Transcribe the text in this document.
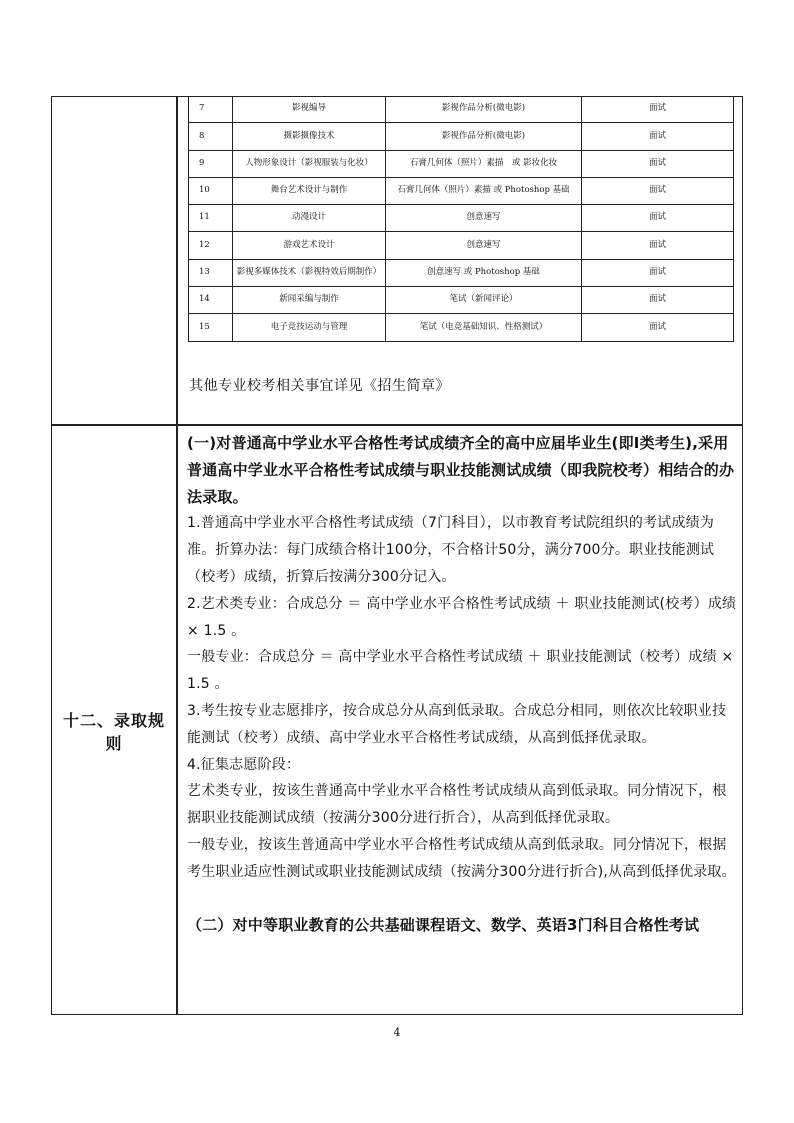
7	影视编导	影视作品分析(微电影)	面试
8	摄影摄像技术	影视作品分析(微电影)	面试
9	人物形象设计（影视服装与化妆）	石膏几何体（照片）素描　或 影妆化妆	面试
10	舞台艺术设计与制作	石膏几何体（照片）素描 或 Photoshop 基础	面试
11	动漫设计	创意速写	面试
12	游戏艺术设计	创意速写	面试
13	影视多媒体技术（影视特效后期制作）	创意速写 或 Photoshop 基础	面试
14	新闻采编与制作	笔试（新闻评论）	面试
15	电子竞技运动与管理	笔试（电竞基础知识、性格测试）	面试
其他专业校考相关事宜详见《招生简章》
十二、录取规则

(一)对普通高中学业水平合格性考试成绩齐全的高中应届毕业生(即Ⅰ类考生),采用普通高中学业水平合格性考试成绩与职业技能测试成绩（即我院校考）相结合的办法录取。

1.普通高中学业水平合格性考试成绩（7门科目），以市教育考试院组织的考试成绩为准。折算办法：每门成绩合格计100分，不合格计50分，满分700分。职业技能测试（校考）成绩，折算后按满分300分记入。

2.艺术类专业：合成总分 ＝ 高中学业水平合格性考试成绩 ＋ 职业技能测试(校考）成绩 × 1.5 。

一般专业：合成总分 ＝ 高中学业水平合格性考试成绩 ＋ 职业技能测试（校考）成绩 × 1.5 。

3.考生按专业志愿排序，按合成总分从高到低录取。合成总分相同，则依次比较职业技能测试（校考）成绩、高中学业水平合格性考试成绩，从高到低择优录取。

4.征集志愿阶段：

艺术类专业，按该生普通高中学业水平合格性考试成绩从高到低录取。同分情况下，根据职业技能测试成绩（按满分300分进行折合），从高到低择优录取。

一般专业，按该生普通高中学业水平合格性考试成绩从高到低录取。同分情况下，根据考生职业适应性测试或职业技能测试成绩（按满分300分进行折合),从高到低择优录取。

（二）对中等职业教育的公共基础课程语文、数学、英语3门科目合格性考试

4
